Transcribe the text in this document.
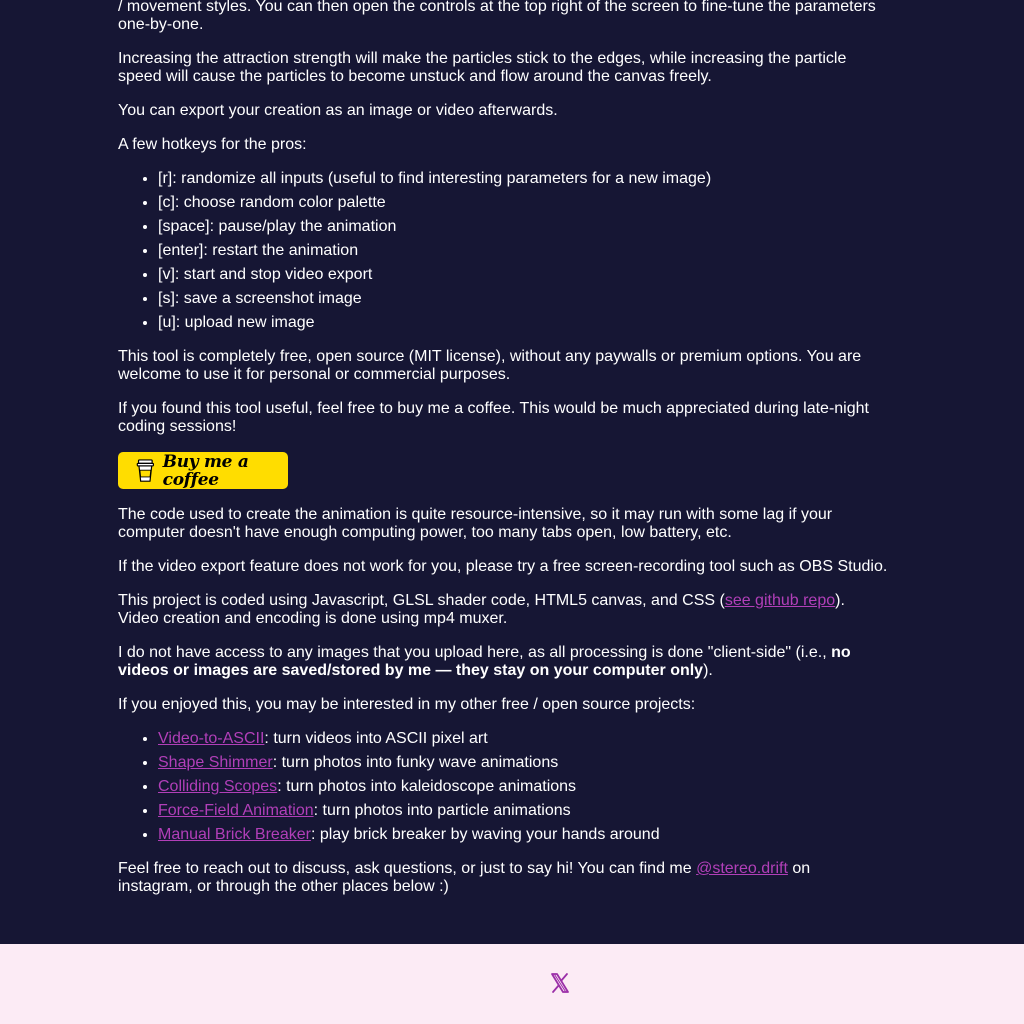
/ movement styles. You can then open the controls at the top right of the screen to fine-tune the parameters one-by-one.

Increasing the attraction strength will make the particles stick to the edges, while increasing the particle speed will cause the particles to become unstuck and flow around the canvas freely.

You can export your creation as an image or video afterwards.

A few hotkeys for the pros:

• [r]: randomize all inputs (useful to find interesting parameters for a new image)
• [c]: choose random color palette
• [space]: pause/play the animation
• [enter]: restart the animation
• [v]: start and stop video export
• [s]: save a screenshot image
• [u]: upload new image

This tool is completely free, open source (MIT license), without any paywalls or premium options. You are welcome to use it for personal or commercial purposes.

If you found this tool useful, feel free to buy me a coffee. This would be much appreciated during late-night coding sessions!

Buy me a coffee

The code used to create the animation is quite resource-intensive, so it may run with some lag if your computer doesn't have enough computing power, too many tabs open, low battery, etc.

If the video export feature does not work for you, please try a free screen-recording tool such as OBS Studio.

This project is coded using Javascript, GLSL shader code, HTML5 canvas, and CSS (see github repo). Video creation and encoding is done using mp4 muxer.

I do not have access to any images that you upload here, as all processing is done "client-side" (i.e., no videos or images are saved/stored by me — they stay on your computer only).

If you enjoyed this, you may be interested in my other free / open source projects:

• Video-to-ASCII: turn videos into ASCII pixel art
• Shape Shimmer: turn photos into funky wave animations
• Colliding Scopes: turn photos into kaleidoscope animations
• Force-Field Animation: turn photos into particle animations
• Manual Brick Breaker: play brick breaker by waving your hands around

Feel free to reach out to discuss, ask questions, or just to say hi! You can find me @stereo.drift on instagram, or through the other places below :)
